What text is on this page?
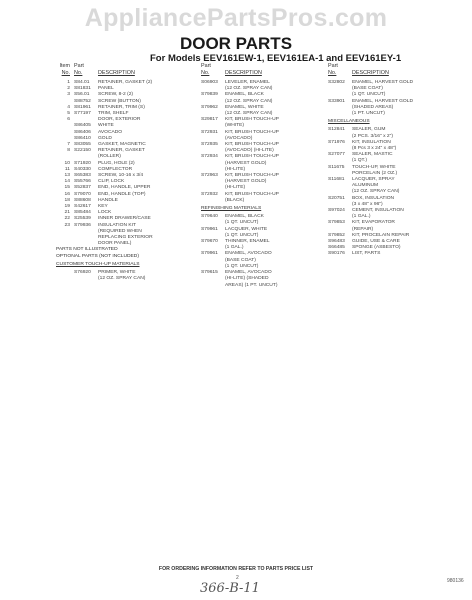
AppliancePartsPros.com
DOOR PARTS
For Models EEV161EW-1, EEV161EA-1 and EEV161EY-1
Item Part
No. No.	DESCRIPTION
Part
No.	DESCRIPTION
Part
No.	DESCRIPTION
1 S84.01	RETAINER, GASKET (2)
2 S81831	PANEL
3 S56.01	SCREW, 8-2 (2)
S88752	SCREW (BUTTON)
4 S81961	RETAINER, TRIM (S)
5 S77197	TRIM, SHELF
6	DOOR, EXTERIOR
S86405	WHITE
S86406	AVOCADO
S86410	GOLD
7 S83055	GASKET, MAGNETIC
8 S22150	RETAINER, GASKET
(ROLLER)
10 S71920	PLUG, HOLE (2)
11 S40330	COMFLECTOR
13 S65383	SCREW, 10-16 x 3/4
14 S55766	CLIP, LOCK
15 S52837	END, HANDLE, UPPER
16 S79070	END, HANDLE (TOP)
18 S88608	HANDLE
19 S42617	KEY
21 S85484	LOCK
22 S25539	INNER DRAWER/CASE
23 S79936	INSULATION KIT
(REQUIRED WHEN
REPLACING EXTERIOR
DOOR PANEL)
PARTS NOT ILLUSTRATED
OPTIONAL PARTS (NOT INCLUDED)
CUSTOMER TOUCH-UP MATERIALS
S76920	PRIMER, WHITE
(12 OZ. SPRAY CAN)
S06903	LEVELER, ENAMEL
(12 OZ. SPRAY CAN)
S79839	ENAMEL, BLACK
(12 OZ. SPRAY CAN)
S79962	ENAMEL, WHITE
(12 OZ. SPRAY CAN)
S29817	KIT, BRUSH TOUCH-UP
(WHITE)
S72931	KIT, BRUSH TOUCH-UP
(AVOCADO)
S72935	KIT, BRUSH TOUCH-UP
(AVOCADO) (HI-LITE)
S72934	KIT, BRUSH TOUCH-UP
(HARVEST GOLD)
(HI-LITE)
S72963	KIT, BRUSH TOUCH-UP
(HARVEST GOLD)
(HI-LITE)
S72932	KIT, BRUSH TOUCH-UP
(BLACK)
REFINISHING MATERIALS
S79640	ENAMEL, BLACK
(1 QT. UNCUT)
S79961	LACQUER, WHITE
(1 QT. UNCUT)
S79670	THINNER, ENAMEL
(1 GAL.)
S79961	ENAMEL, AVOCADO
(BASE COAT)
(1 QT. UNCUT)
S79615	ENAMEL, AVOCADO
(HI-LITE) (SHADED
AREAS) (1 PT. UNCUT)
S32802	ENAMEL, HARVEST GOLD
(BASE COAT)
(1 QT. UNCUT)
S33901	ENAMEL, HARVEST GOLD
(SHADED AREAS)
(1 PT. UNCUT)
MISCELLANEOUS
S12841	SEALER, GUM
(2 PCS. 3/16" x 2")
S71976	KIT, INSULATION
(8 Pcs 3 x 24" x 48")
S27077	SEALER, MASTIC
(1 QT.)
S11675	TOUCH-UP, WHITE
PORCELAIN (2 OZ.)
S11681	LACQUER, SPRAY
ALUMINUM
(12 OZ. SPRAY CAN)
S20751	BOX, INSULATION
(3 x 48" x 96")
S97024	CEMENT, INSULATION
(1 GAL.)
S79853	KIT, EVAPORATOR
(REPAIR)
S79852	KIT, PROCELAIN REPAIR
S96483	GUIDE, USE & CARE
S66485	SPONGE (ASBESTO)
S90176	LIST, PARTS
FOR ORDERING INFORMATION REFER TO PARTS PRICE LIST
2	980136
366-B-11
